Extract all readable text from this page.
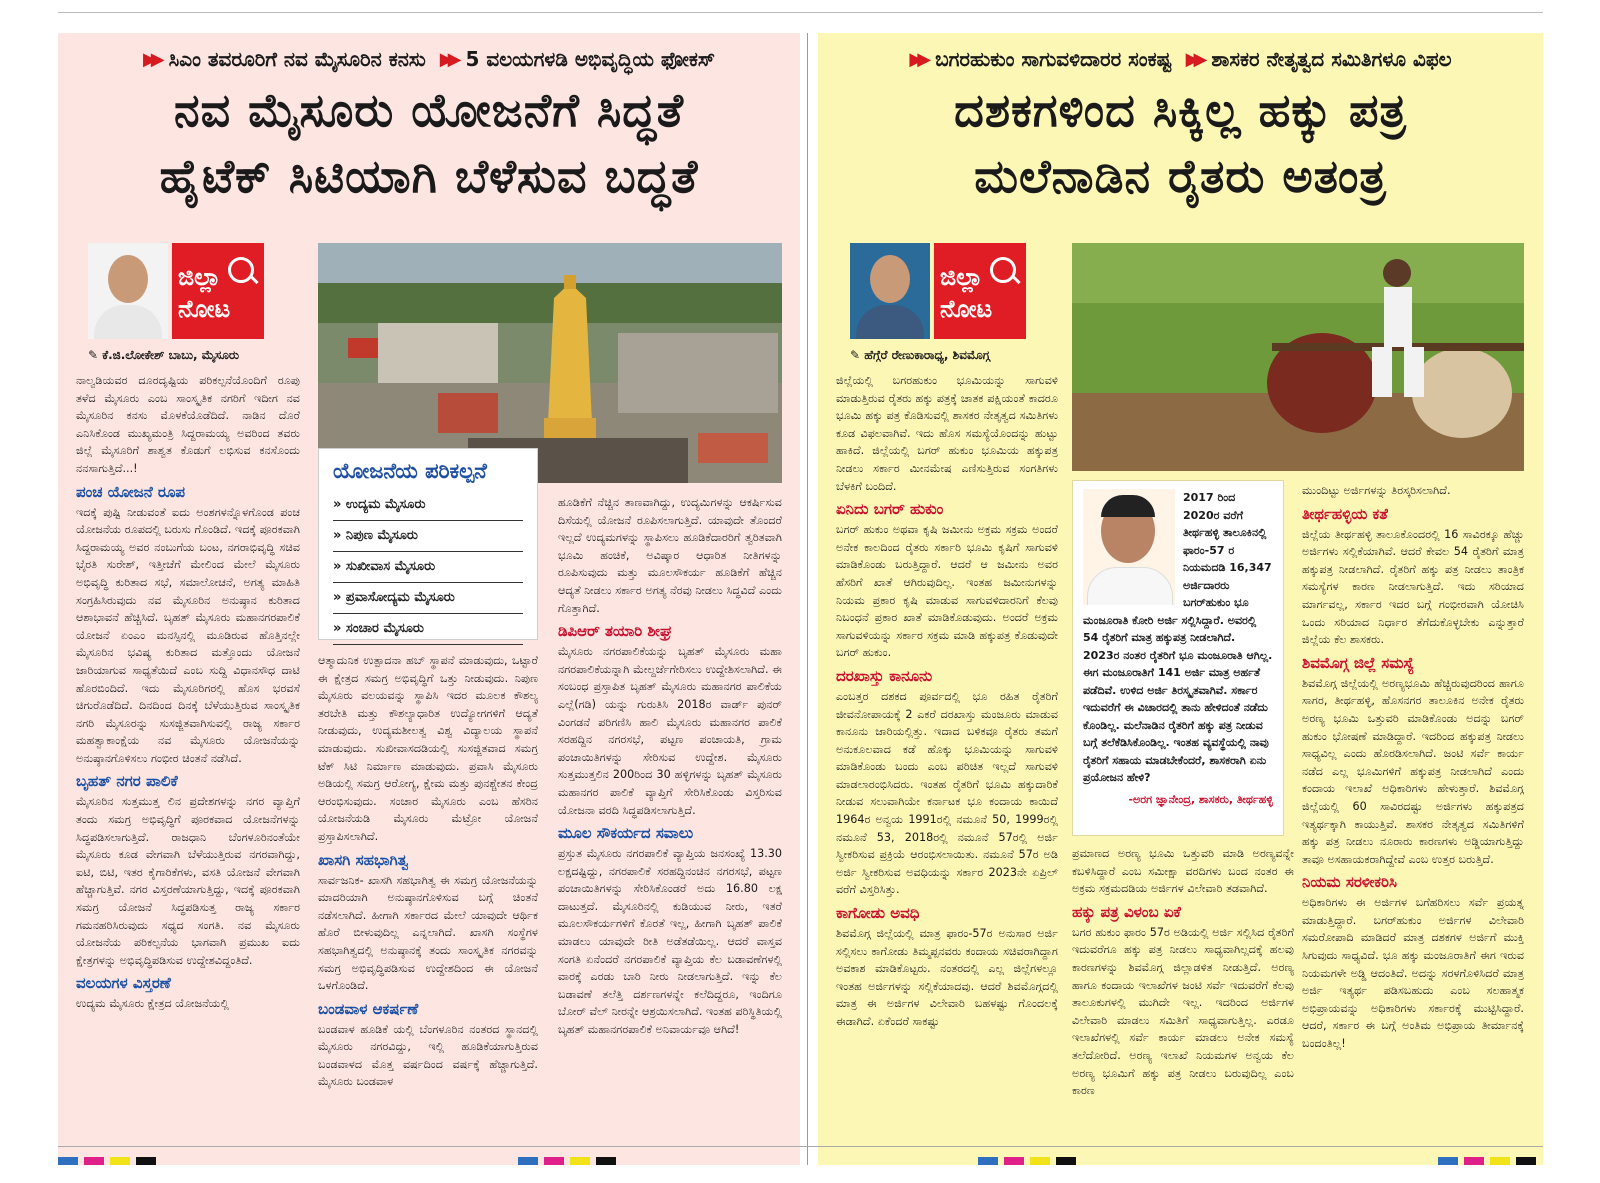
▶▶ ಸಿಎಂ ತವರೂರಿಗೆ ನವ ಮೈಸೂರಿನ ಕನಸು ▶▶ 5 ವಲಯಗಳಡಿ ಅಭಿವೃದ್ಧಿಯ ಫೋಕಸ್
ನವ ಮೈಸೂರು ಯೋಜನೆಗೆ ಸಿದ್ಧತೆ
ಹೈಟೆಕ್ ಸಿಟಿಯಾಗಿ ಬೆಳೆಸುವ ಬದ್ಧತೆ
ಜಿಲ್ಲಾ
ನೋಟ
✎ ಕೆ.ಜಿ.ಲೋಕೇಶ್ ಬಾಬು, ಮೈಸೂರು
ಯೋಜನೆಯ ಪರಿಕಲ್ಪನೆ
» ಉದ್ಯಮ ಮೈಸೂರು
» ನಿಪುಣ ಮೈಸೂರು
» ಸುಖೀವಾಸ ಮೈಸೂರು
» ಪ್ರವಾಸೋದ್ಯಮ ಮೈಸೂರು
» ಸಂಚಾರ ಮೈಸೂರು

ನಾಲ್ವಡಿಯವರ ದೂರದೃಷ್ಟಿಯ ಪರಿಕಲ್ಪನೆಯೊಂದಿಗೆ ರೂಪು ತಳೆದ ಮೈಸೂರು ಎಂಬ ಸಾಂಸ್ಕೃತಿಕ ನಗರಿಗೆ ಇದೀಗ ನವ ಮೈಸೂರಿನ ಕನಸು ಮೊಳಕೆಯೊಡೆದಿದೆ. ನಾಡಿನ ದೊರೆ ಎನಿಸಿಕೊಂಡ ಮುಖ್ಯಮಂತ್ರಿ ಸಿದ್ದರಾಮಯ್ಯ ಅವರಿಂದ ತವರು ಜಿಲ್ಲೆ ಮೈಸೂರಿಗೆ ಶಾಶ್ವತ ಕೊಡುಗೆ ಲಭಿಸುವ ಕನಸೊಂದು ನನಸಾಗುತ್ತಿದೆ...!

ಪಂಚ ಯೋಜನೆ ರೂಪ

ಇದಕ್ಕೆ ಪುಷ್ಟಿ ನೀಡುವಂತೆ ಐದು ಅಂಶಗಳನ್ನೊಳಗೊಂಡ ಪಂಚ ಯೋಜನೆಯ ರೂಪದಲ್ಲಿ ಬರುಸು ಗೊಂಡಿದೆ. ಇದಕ್ಕೆ ಪೂರಕವಾಗಿ ಸಿದ್ದರಾಮಯ್ಯ ಅವರ ನಂಬುಗೆಯ ಬಂಟ, ನಗರಾಭಿವೃದ್ಧಿ ಸಚಿವ ಭೈರತಿ ಸುರೇಶ್, ಇತ್ತೀಚೆಗೆ ಮೇಲಿಂದ ಮೇಲೆ ಮೈಸೂರು ಅಭಿವೃದ್ಧಿ ಕುರಿತಾದ ಸಭೆ, ಸಮಾಲೋಚನೆ, ಅಗತ್ಯ ಮಾಹಿತಿ ಸಂಗ್ರಹಿಸಿರುವುದು ನವ ಮೈಸೂರಿನ ಅನುಷ್ಠಾನ ಕುರಿತಾದ ಆಶಾಭಾವನೆ ಹೆಚ್ಚಿಸಿದೆ. ಬೃಹತ್ ಮೈಸೂರು ಮಹಾನಗರಪಾಲಿಕೆ ಯೋಜನೆ ಏಂಎಂ ಮನಸ್ಸಿನಲ್ಲಿ ಮೂಡಿರುವ ಹೊತ್ತಿನಲ್ಲೇ ಮೈಸೂರಿನ ಭವಿಷ್ಯ ಕುರಿತಾದ ಮತ್ತೊಂದು ಯೋಜನೆ ಜಾರಿಯಾಗುವ ಸಾಧ್ಯತೆಯಿದೆ ಎಂಬ ಸುದ್ದಿ ವಿಧಾನಸೌಧ ದಾಟಿ ಹೊರಬಿಂದಿದೆ. ಇದು ಮೈಸೂರಿಗರಲ್ಲಿ ಹೊಸ ಭರವಸೆ ಚಿಗುರೊಡೆದಿದೆ. ದಿನದಿಂದ ದಿನಕ್ಕೆ ಬೆಳೆಯುತ್ತಿರುವ ಸಾಂಸ್ಕೃತಿಕ ನಗರಿ ಮೈಸೂರನ್ನು ಸುಸಜ್ಜಿತವಾಗಿಸುವಲ್ಲಿ ರಾಜ್ಯ ಸರ್ಕಾರ ಮಹತ್ವಾಕಾಂಕ್ಷೆಯ ನವ ಮೈಸೂರು ಯೋಜನೆಯನ್ನು ಅನುಷ್ಠಾನಗೊಳಿಸಲು ಗಂಭೀರ ಚಿಂತನೆ ನಡೆಸಿದೆ.

ಬೃಹತ್ ನಗರ ಪಾಲಿಕೆ

ಮೈಸೂರಿನ ಸುತ್ತಮುತ್ತ ಲಿನ ಪ್ರದೇಶಗಳನ್ನು ನಗರ ವ್ಯಾಪ್ತಿಗೆ ತಂದು ಸಮಗ್ರ ಅಭಿವೃದ್ಧಿಗೆ ಪೂರಕವಾದ ಯೋಜನೆಗಳನ್ನು ಸಿದ್ಧಪಡಿಸಲಾಗುತ್ತಿದೆ. ರಾಜಧಾನಿ ಬೆಂಗಳೂರಿನಂತೆಯೇ ಮೈಸೂರು ಕೂಡ ವೇಗವಾಗಿ ಬೆಳೆಯುತ್ತಿರುವ ನಗರವಾಗಿದ್ದು, ಐಟಿ, ಬಿಟಿ, ಇತರ ಕೈಗಾರಿಕೆಗಳು, ವಸತಿ ಯೋಜನೆ ವೇಗವಾಗಿ ಹೆಚ್ಚಾಗುತ್ತಿವೆ. ನಗರ ವಿಸ್ತರಣೆಯಾಗುತ್ತಿದ್ದು, ಇದಕ್ಕೆ ಪೂರಕವಾಗಿ ಸಮಗ್ರ ಯೋಜನೆ ಸಿದ್ಧಪಡಿಸುತ್ತ ರಾಜ್ಯ ಸರ್ಕಾರ ಗಮನಹರಿಸಿರುವುದು ಸಧ್ಯದ ಸಂಗತಿ. ನವ ಮೈಸೂರು ಯೋಜನೆಯ ಪರಿಕಲ್ಪನೆಯ ಭಾಗವಾಗಿ ಪ್ರಮುಖ ಐದು ಕ್ಷೇತ್ರಗಳನ್ನು ಅಭಿವೃದ್ಧಿಪಡಿಸುವ ಉದ್ದೇಶವಿದ್ದಂತಿದೆ.

ವಲಯಗಳ ವಿಸ್ತರಣೆ

ಉದ್ಯಮ ಮೈಸೂರು ಕ್ಷೇತ್ರದ ಯೋಜನೆಯಲ್ಲಿ

ಆತ್ಮಾದುನಿಕ ಉತ್ಪಾದನಾ ಹಬ್ ಸ್ಥಾಪನೆ ಮಾಡುವುದು, ಒಟ್ಟಾರೆ ಈ ಕ್ಷೇತ್ರದ ಸಮಗ್ರ ಅಭಿವೃದ್ಧಿಗೆ ಒತ್ತು ನೀಡುವುದು. ನಿಪುಣ ಮೈಸೂರು ವಲಯವನ್ನು ಸ್ಥಾಪಿಸಿ ಇದರ ಮೂಲಕ ಕೌಶಲ್ಯ ತರಬೇತಿ ಮತ್ತು ಕೌಶಲ್ಯಾಧಾರಿತ ಉದ್ಯೋಗಗಳಿಗೆ ಆದ್ಯತೆ ನೀಡುವುದು, ಉದ್ಯಮಶೀಲತ್ವ ವಿಶ್ವ ವಿದ್ಯಾಲಯ ಸ್ಥಾಪನೆ ಮಾಡುವುದು. ಸುಖೀವಾಸದಡಿಯಲ್ಲಿ ಸುಸಜ್ಜಿತವಾದ ಸಮಗ್ರ ಟೆಕ್ ಸಿಟಿ ನಿರ್ಮಾಣ ಮಾಡುವುದು. ಪ್ರವಾಸಿ ಮೈಸೂರು ಅಡಿಯಲ್ಲಿ ಸಮಗ್ರ ಆರೋಗ್ಯ, ಕ್ಷೇಮ ಮತ್ತು ಪುನಶ್ಚೇತನ ಕೇಂದ್ರ ಆರಂಭಿಸುವುದು. ಸಂಚಾರ ಮೈಸೂರು ಎಂಬ ಹೆಸರಿನ ಯೋಜನೆಯಡಿ ಮೈಸೂರು ಮೆಟ್ರೋ ಯೋಜನೆ ಪ್ರಸ್ತಾಪಿಸಲಾಗಿದೆ.

ಖಾಸಗಿ ಸಹಭಾಗಿತ್ವ

ಸಾರ್ವಜನಿಕ- ಖಾಸಗಿ ಸಹಭಾಗಿತ್ವ ಈ ಸಮಗ್ರ ಯೋಜನೆಯನ್ನು ಮಾದರಿಯಾಗಿ ಅನುಷ್ಠಾನಗೊಳಿಸುವ ಬಗ್ಗೆ ಚಿಂತನೆ ನಡೆಸಲಾಗಿದೆ. ಹೀಗಾಗಿ ಸರ್ಕಾರದ ಮೇಲೆ ಯಾವುದೇ ಆರ್ಥಿಕ ಹೊರೆ ಬೀಳುವುದಿಲ್ಲ ಎನ್ನಲಾಗಿದೆ. ಖಾಸಗಿ ಸಂಸ್ಥೆಗಳ ಸಹಭಾಗಿತ್ವದಲ್ಲಿ ಅನುಷ್ಠಾನಕ್ಕೆ ತಂದು ಸಾಂಸ್ಕೃತಿಕ ನಗರವನ್ನು ಸಮಗ್ರ ಅಭಿವೃದ್ಧಿಪಡಿಸುವ ಉದ್ದೇಶದಿಂದ ಈ ಯೋಜನೆ ಒಳಗೊಂಡಿದೆ.

ಬಂಡವಾಳ ಆಕರ್ಷಣೆ

ಬಂಡವಾಳ ಹೂಡಿಕೆ ಯಲ್ಲಿ ಬೆಂಗಳೂರಿನ ನಂತರದ ಸ್ಥಾನದಲ್ಲಿ ಮೈಸೂರು ನಗರವಿದ್ದು, ಇಲ್ಲಿ ಹೂಡಿಕೆಯಾಗುತ್ತಿರುವ ಬಂಡವಾಳದ ಮೊತ್ತ ವರ್ಷದಿಂದ ವರ್ಷಕ್ಕೆ ಹೆಚ್ಚಾಗುತ್ತಿದೆ. ಮೈಸೂರು ಬಂಡವಾಳ

ಹೂಡಿಕೆಗೆ ನೆಚ್ಚಿನ ತಾಣವಾಗಿದ್ದು, ಉದ್ಯಮಿಗಳನ್ನು ಆಕರ್ಷಿಸುವ ದಿಸೆಯಲ್ಲಿ ಯೋಜನೆ ರೂಪಿಸಲಾಗುತ್ತಿದೆ. ಯಾವುದೇ ತೊಂದರೆ ಇಲ್ಲದೆ ಉದ್ಯಮಗಳನ್ನು ಸ್ಥಾಪಿಸಲು ಹೂಡಿಕೆದಾರರಿಗೆ ತ್ವರಿತವಾಗಿ ಭೂಮಿ ಹಂಚಿಕೆ, ಅವಿಷ್ಕಾರ ಆಧಾರಿತ ನೀತಿಗಳನ್ನು ರೂಪಿಸುವುದು ಮತ್ತು ಮೂಲಸೌಕರ್ಯ ಹೂಡಿಕೆಗೆ ಹೆಚ್ಚಿನ ಆದ್ಯತೆ ನೀಡಲು ಸರ್ಕಾರ ಅಗತ್ಯ ನೆರವು ನೀಡಲು ಸಿದ್ಧವಿದೆ ಎಂದು ಗೊತ್ತಾಗಿದೆ.

ಡಿಪಿಆರ್ ತಯಾರಿ ಶೀಘ್ರ

ಮೈಸೂರು ನಗರಪಾಲಿಕೆಯನ್ನು ಬೃಹತ್ ಮೈಸೂರು ಮಹಾ ನಗರಪಾಲಿಕೆಯನ್ನಾಗಿ ಮೇಲ್ದರ್ಜೆಗೇರಿಸಲು ಉದ್ದೇಶಿಸಲಾಗಿದೆ. ಈ ಸಂಬಂಧ ಪ್ರಸ್ತಾಪಿತ ಬೃಹತ್ ಮೈಸೂರು ಮಹಾನಗರ ಪಾಲಿಕೆಯ ಎಲ್ಲೆ(ಗಡಿ) ಯನ್ನು ಗುರುತಿಸಿ 2018ರ ವಾರ್ಡ್ ಪುನರ್ ವಿಂಗಡನೆ ಪರಿಗಣಿಸಿ ಹಾಲಿ ಮೈಸೂರು ಮಹಾನಗರ ಪಾಲಿಕೆ ಸರಹದ್ದಿನ ನಗರಸಭೆ, ಪಟ್ಟಣ ಪಂಚಾಯತಿ, ಗ್ರಾಮ ಪಂಚಾಯಿತಿಗಳನ್ನು ಸೇರಿಸುವ ಉದ್ದೇಶ. ಮೈಸೂರು ಸುತ್ತಮುತ್ತಲಿನ 200ರಿಂದ 30 ಹಳ್ಳಿಗಳನ್ನು ಬೃಹತ್ ಮೈಸೂರು ಮಹಾನಗರ ಪಾಲಿಕೆ ವ್ಯಾಪ್ತಿಗೆ ಸೇರಿಸಿಕೊಂಡು ವಿಸ್ತರಿಸುವ ಯೋಜನಾ ವರದಿ ಸಿದ್ಧಪಡಿಸಲಾಗುತ್ತಿದೆ.

ಮೂಲ ಸೌಕರ್ಯದ ಸವಾಲು

ಪ್ರಸ್ತುತ ಮೈಸೂರು ನಗರಪಾಲಿಕೆ ವ್ಯಾಪ್ತಿಯ ಜನಸಂಖ್ಯೆ 13.30 ಲಕ್ಷದಷ್ಟಿದ್ದು, ನಗರಪಾಲಿಕೆ ಸರಹದ್ದಿನಂಚಿನ ನಗರಸಭೆ, ಪಟ್ಟಣ ಪಂಚಾಯಿತಿಗಳನ್ನು ಸೇರಿಸಿಕೊಂಡರೆ ಅದು 16.80 ಲಕ್ಷ ದಾಟುತ್ತದೆ. ಮೈಸೂರಿನಲ್ಲಿ ಕುಡಿಯುವ ನೀರು, ಇತರೆ ಮೂಲಸೌಕರ್ಯಗಳಿಗೆ ಕೊರತೆ ಇಲ್ಲ, ಹೀಗಾಗಿ ಬೃಹತ್ ಪಾಲಿಕೆ ಮಾಡಲು ಯಾವುದೇ ರೀತಿ ಅಡೆತಡೆಯಿಲ್ಲ. ಆದರೆ ವಾಸ್ತವ ಸಂಗತಿ ಏನೆಂದರೆ ನಗರಪಾಲಿಕೆ ವ್ಯಾಪ್ತಿಯ ಕೆಲ ಬಡಾವಣೆಗಳಲ್ಲಿ ವಾರಕ್ಕೆ ಎರಡು ಬಾರಿ ನೀರು ನೀಡಲಾಗುತ್ತಿದೆ. ಇನ್ನು ಕೆಲ ಬಡಾವಣೆ ತಲೆತ್ತಿ ದರ್ಶಣಗಳನ್ನೇ ಕಲೆದಿದ್ದರೂ, ಇಂದಿಗೂ ಬೋರ್ ವೆಲ್ ನೀರನ್ನೇ ಆಶ್ರಯಿಸಲಾಗಿದೆ. ಇಂತಹ ಪರಿಸ್ಥಿತಿಯಲ್ಲಿ ಬೃಹತ್ ಮಹಾನಗರಪಾಲಿಕೆ ಅನಿವಾರ್ಯವೂ ಆಗಿದೆ!

▶▶ ಬಗರಹುಕುಂ ಸಾಗುವಳಿದಾರರ ಸಂಕಷ್ಟ ▶▶ ಶಾಸಕರ ನೇತೃತ್ವದ ಸಮಿತಿಗಳೂ ವಿಫಲ
ದಶಕಗಳಿಂದ ಸಿಕ್ಕಿಲ್ಲ ಹಕ್ಕು ಪತ್ರ
ಮಲೆನಾಡಿನ ರೈತರು ಅತಂತ್ರ
ಜಿಲ್ಲಾ
ನೋಟ
✎ ಹೆಗ್ಗೆರೆ ರೇಣುಕಾರಾಧ್ಯ, ಶಿವಮೊಗ್ಗ
2017 ರಿಂದ 2020ರ ವರೆಗೆ ತೀರ್ಥಹಳ್ಳಿ ತಾಲೂಕಿನಲ್ಲಿ ಫಾರಂ-57 ರ ನಿಯಮದಡಿ 16,347 ಅರ್ಜಿದಾರರು ಬಗರ್‌ಹುಕುಂ ಭೂ ಮಂಜೂರಾತಿ ಕೋರಿ ಅರ್ಜಿ ಸಲ್ಲಿಸಿದ್ದಾರೆ. ಅವರಲ್ಲಿ 54 ರೈತರಿಗೆ ಮಾತ್ರ ಹಕ್ಕುಪತ್ರ ನೀಡಲಾಗಿದೆ. 2023ರ ನಂತರ ರೈತರಿಗೆ ಭೂ ಮಂಜೂರಾತಿ ಆಗಿಲ್ಲ. ಈಗ ಮಂಜೂರಾತಿಗೆ 141 ಅರ್ಜಿ ಮಾತ್ರ ಅರ್ಹತೆ ಪಡೆದಿವೆ. ಉಳಿದ ಅರ್ಜಿ ತಿರಸ್ಕೃತವಾಗಿವೆ. ಸರ್ಕಾರ ಇದುವರೆಗೆ ಈ ವಿಚಾರದಲ್ಲಿ ತಾನು ಹೇಳಿದಂತೆ ನಡೆದು ಕೊಂಡಿಲ್ಲ. ಮಲೆನಾಡಿನ ರೈತರಿಗೆ ಹಕ್ಕು ಪತ್ರ ನೀಡುವ ಬಗ್ಗೆ ತಲೆಕೆಡಿಸಿಕೊಂಡಿಲ್ಲ. ಇಂತಹ ವ್ಯವಸ್ಥೆಯಲ್ಲಿ ನಾವು ರೈತರಿಗೆ ಸಹಾಯ ಮಾಡಬೇಕೆಂದರೆ, ಶಾಸಕರಾಗಿ ಏನು ಪ್ರಯೋಜನ ಹೇಳಿ?
-ಅರಗ ಜ್ಞಾನೇಂದ್ರ, ಶಾಸಕರು, ತೀರ್ಥಹಳ್ಳಿ

ಜಿಲ್ಲೆಯಲ್ಲಿ ಬಗರಹುಕುಂ ಭೂಮಿಯನ್ನು ಸಾಗುವಳಿ ಮಾಡುತ್ತಿರುವ ರೈತರು ಹಕ್ಕು ಪತ್ರಕ್ಕೆ ಚಾತಕ ಪಕ್ಷಿಯಂತೆ ಕಾದರೂ ಭೂಮಿ ಹಕ್ಕು ಪತ್ರ ಕೊಡಿಸುವಲ್ಲಿ ಶಾಸಕರ ನೇತೃತ್ವದ ಸಮಿತಿಗಳು ಕೂಡ ವಿಫಲವಾಗಿವೆ. ಇದು ಹೊಸ ಸಮಸ್ಯೆಯೊಂದನ್ನು ಹುಟ್ಟು ಹಾಕಿದೆ. ಜಿಲ್ಲೆಯಲ್ಲಿ ಬಗರ್ ಹುಕುಂ ಭೂಮಿಯ ಹಕ್ಕುಪತ್ರ ನೀಡಲು ಸರ್ಕಾರ ಮೀನಮೇಷ ಎಣಿಸುತ್ತಿರುವ ಸಂಗತಿಗಳು ಬೆಳಕಿಗೆ ಬಂದಿದೆ.

ಏನಿದು ಬಗರ್ ಹುಕುಂ

ಬಗರ್ ಹುಕುಂ ಅಥವಾ ಕೃಷಿ ಜಮೀನು ಅಕ್ರಮ ಸಕ್ರಮ ಅಂದರೆ ಅನೇಕ ಕಾಲದಿಂದ ರೈತರು ಸರ್ಕಾರಿ ಭೂಮಿ ಕೃಷಿಗೆ ಸಾಗುವಳಿ ಮಾಡಿಕೊಂಡು ಬರುತ್ತಿದ್ದಾರೆ. ಆದರೆ ಆ ಜಮೀನು ಅವರ ಹೆಸರಿಗೆ ಖಾತೆ ಆಗಿರುವುದಿಲ್ಲ. ಇಂತಹ ಜಮೀನುಗಳನ್ನು ನಿಯಮ ಪ್ರಕಾರ ಕೃಷಿ ಮಾಡುವ ಸಾಗುವಳಿದಾರನಿಗೆ ಕೆಲವು ನಿಬಂಧನೆ ಪ್ರಕಾರ ಖಾತೆ ಮಾಡಿಕೊಡುವುದು. ಅಂದರೆ ಅಕ್ರಮ ಸಾಗುವಳಿಯನ್ನು ಸರ್ಕಾರ ಸಕ್ರಮ ಮಾಡಿ ಹಕ್ಕುಪತ್ರ ಕೊಡುವುದೇ ಬಗರ್ ಹುಕುಂ.

ದರಖಾಸ್ತು ಕಾನೂನು

ಎಂಬತ್ತರ ದಶಕದ ಪೂರ್ವದಲ್ಲಿ ಭೂ ರಹಿತ ರೈತರಿಗೆ ಜೀವನೋಪಾಯಕ್ಕೆ 2 ಎಕರೆ ದರಖಾಸ್ತು ಮಂಜೂರು ಮಾಡುವ ಕಾನೂನು ಜಾರಿಯಲ್ಲಿತ್ತು. ಇದಾದ ಬಳಿಕವೂ ರೈತರು ತಮಗೆ ಅನುಕೂಲವಾದ ಕಡೆ ಹೊಕ್ಕು ಭೂಮಿಯನ್ನು ಸಾಗುವಳಿ ಮಾಡಿಕೊಂಡು ಬಂದು ಎಂಬ ಪರಿಚಿತ ಇಲ್ಲದೆ ಸಾಗುವಳಿ ಮಾಡಲಾರಂಭಿಸಿದರು. ಇಂತಹ ರೈತರಿಗೆ ಭೂಮಿ ಹಕ್ಕುದಾರಿಕೆ ನೀಡುವ ಸಲುವಾಗಿಯೇ ಕರ್ನಾಟಕ ಭೂ ಕಂದಾಯ ಕಾಯಿದೆ 1964ರ ಅನ್ವಯ 1991ರಲ್ಲಿ ನಮೂನೆ 50, 1999ರಲ್ಲಿ ನಮೂನೆ 53, 2018ರಲ್ಲಿ ನಮೂನೆ 57ರಲ್ಲಿ ಅರ್ಜಿ ಸ್ವೀಕರಿಸುವ ಪ್ರಕ್ರಿಯೆ ಆರಂಭಿಸಲಾಯಿತು. ನಮೂನೆ 57ರ ಅಡಿ ಅರ್ಜಿ ಸ್ವೀಕರಿಸುವ ಅವಧಿಯನ್ನು ಸರ್ಕಾರ 2023ನೇ ಏಪ್ರಿಲ್ ವರೆಗೆ ವಿಸ್ತರಿಸಿತ್ತು.

ಕಾಗೋಡು ಅವಧಿ

ಶಿವಮೊಗ್ಗ ಜಿಲ್ಲೆಯಲ್ಲಿ ಮಾತ್ರ ಫಾರಂ-57ರ ಅನುಸಾರ ಅರ್ಜಿ ಸಲ್ಲಿಸಲು ಕಾಗೋಡು ತಿಮ್ಮಪ್ಪನವರು ಕಂದಾಯ ಸಚಿವರಾಗಿದ್ದಾಗ ಅವಕಾಶ ಮಾಡಿಕೊಟ್ಟರು. ನಂತರದಲ್ಲಿ ಎಲ್ಲ ಜಿಲ್ಲೆಗಳಲ್ಲೂ ಇಂತಹ ಅರ್ಜಿಗಳನ್ನು ಸಲ್ಲಿಕೆಯಾದವು. ಆದರೆ ಶಿವಮೊಗ್ಗದಲ್ಲಿ ಮಾತ್ರ ಈ ಅರ್ಜಿಗಳ ವಿಲೇವಾರಿ ಬಹಳಷ್ಟು ಗೊಂದಲಕ್ಕೆ ಈಡಾಗಿದೆ. ಏಕೆಂದರೆ ಸಾಕಷ್ಟು

ಪ್ರಮಾಣದ ಅರಣ್ಯ ಭೂಮಿ ಒತ್ತುವರಿ ಮಾಡಿ ಅರಣ್ಯವನ್ನೇ ಕಬಳಿಸಿದ್ದಾರೆ ಎಂಬ ಸಮೀಕ್ಷಾ ವರದಿಗಳು ಬಂದ ನಂತರ ಈ ಅಕ್ರಮ ಸಕ್ರಮದಡಿಯ ಅರ್ಜಿಗಳ ವಿಲೇವಾರಿ ತಡವಾಗಿದೆ.

ಹಕ್ಕು ಪತ್ರ ವಿಳಂಬ ಏಕೆ

ಬಗರ ಹುಕುಂ ಫಾರಂ 57ರ ಅಡಿಯಲ್ಲಿ ಅರ್ಜಿ ಸಲ್ಲಿಸಿದ ರೈತರಿಗೆ ಇದುವರೆಗೂ ಹಕ್ಕು ಪತ್ರ ನೀಡಲು ಸಾಧ್ಯವಾಗಿಲ್ಲದಕ್ಕೆ ಹಲವು ಕಾರಣಗಳನ್ನು ಶಿವಮೊಗ್ಗ ಜಿಲ್ಲಾಡಳಿತ ನೀಡುತ್ತಿದೆ. ಅರಣ್ಯ ಹಾಗೂ ಕಂದಾಯ ಇಲಾಖೆಗಳ ಜಂಟಿ ಸರ್ವೆ ಇದುವರೆಗೆ ಕೆಲವು ತಾಲೂಕುಗಳಲ್ಲಿ ಮುಗಿದೇ ಇಲ್ಲ. ಇದರಿಂದ ಅರ್ಜಿಗಳ ವಿಲೇವಾರಿ ಮಾಡಲು ಸಮಿತಿಗೆ ಸಾಧ್ಯವಾಗುತ್ತಿಲ್ಲ. ಎರಡೂ ಇಲಾಖೆಗಳಲ್ಲಿ ಸರ್ವೆ ಕಾರ್ಯ ಮಾಡಲು ಅನೇಕ ಸಮಸ್ಯೆ ತಲೆದೋರಿದೆ. ಅರಣ್ಯ ಇಲಾಖೆ ನಿಯಮಗಳ ಅನ್ವಯ ಕೆಲ ಅರಣ್ಯ ಭೂಮಿಗೆ ಹಕ್ಕು ಪತ್ರ ನೀಡಲು ಬರುವುದಿಲ್ಲ ಎಂಬ ಕಾರಣ

ಮುಂದಿಟ್ಟು ಅರ್ಜಿಗಳನ್ನು ತಿರಸ್ಕರಿಸಲಾಗಿದೆ.

ತೀರ್ಥಹಳ್ಳಿಯ ಕತೆ

ಜಿಲ್ಲೆಯ ತೀರ್ಥಹಳ್ಳಿ ತಾಲೂಕೊಂದರಲ್ಲಿ 16 ಸಾವಿರಕ್ಕೂ ಹೆಚ್ಚು ಅರ್ಜಿಗಳು ಸಲ್ಲಿಕೆಯಾಗಿವೆ. ಆದರೆ ಕೇವಲ 54 ರೈತರಿಗೆ ಮಾತ್ರ ಹಕ್ಕುಪತ್ರ ನೀಡಲಾಗಿದೆ. ರೈತರಿಗೆ ಹಕ್ಕು ಪತ್ರ ನೀಡಲು ತಾಂತ್ರಿಕ ಸಮಸ್ಯೆಗಳ ಕಾರಣ ನೀಡಲಾಗುತ್ತಿದೆ. ಇದು ಸರಿಯಾದ ಮಾರ್ಗವಲ್ಲ, ಸರ್ಕಾರ ಇದರ ಬಗ್ಗೆ ಗಂಭೀರವಾಗಿ ಯೋಚಿಸಿ ಒಂದು ಸರಿಯಾದ ನಿರ್ಧಾರ ತೆಗೆದುಕೊಳ್ಳಬೇಕು ಎನ್ನುತ್ತಾರೆ ಜಿಲ್ಲೆಯ ಕೆಲ ಶಾಸಕರು.

ಶಿವಮೊಗ್ಗ ಜಿಲ್ಲೆ ಸಮಸ್ಯೆ

ಶಿವಮೊಗ್ಗ ಜಿಲ್ಲೆಯಲ್ಲಿ ಅರಣ್ಯಭೂಮಿ ಹೆಚ್ಚಿರುವುದರಿಂದ ಹಾಗೂ ಸಾಗರ, ತೀರ್ಥಹಳ್ಳಿ, ಹೊಸನಗರ ತಾಲೂಕಿನ ಅನೇಕ ರೈತರು ಅರಣ್ಯ ಭೂಮಿ ಒತ್ತುವರಿ ಮಾಡಿಕೊಂಡು ಅದನ್ನು ಬಗರ್ ಹುಕುಂ ಭೋಷಣೆ ಮಾಡಿದ್ದಾರೆ. ಇದರಿಂದ ಹಕ್ಕುಪತ್ರ ನೀಡಲು ಸಾಧ್ಯವಿಲ್ಲ ಎಂದು ಹೊರಡಿಸಲಾಗಿದೆ. ಜಂಟಿ ಸರ್ವೆ ಕಾರ್ಯ ನಡೆದ ಎಲ್ಲ ಭೂಮಿಗಳಿಗೆ ಹಕ್ಕುಪತ್ರ ನೀಡಲಾಗಿದೆ ಎಂದು ಕಂದಾಯ ಇಲಾಖೆ ಅಧಿಕಾರಿಗಳು ಹೇಳುತ್ತಾರೆ. ಶಿವಮೊಗ್ಗ ಜಿಲ್ಲೆಯಲ್ಲಿ 60 ಸಾವಿರದಷ್ಟು ಅರ್ಜಿಗಳು ಹಕ್ಕುಪತ್ರದ ಇತ್ಯರ್ಥಕ್ಕಾಗಿ ಕಾಯುತ್ತಿವೆ. ಶಾಸಕರ ನೇತೃತ್ವದ ಸಮಿತಿಗಳಿಗೆ ಹಕ್ಕು ಪತ್ರ ನೀಡಲು ನೂರಾರು ಕಾರಣಗಳು ಅಡ್ಡಿಯಾಗುತ್ತಿದ್ದು ತಾವೂ ಅಸಹಾಯಕರಾಗಿದ್ದೇವೆ ಎಂಬ ಉತ್ತರ ಬರುತ್ತಿದೆ.

ನಿಯಮ ಸರಳೀಕರಿಸಿ

ಅಧಿಕಾರಿಗಳು ಈ ಅರ್ಜಿಗಳ ಬಗೆಹರಿಸಲು ಸರ್ವೆ ಪ್ರಯತ್ನ ಮಾಡುತ್ತಿದ್ದಾರೆ. ಬಗರ್‌ಹುಕುಂ ಅರ್ಜಿಗಳ ವಿಲೇವಾರಿ ಸಮರೋಪಾದಿ ಮಾಡಿದರೆ ಮಾತ್ರ ದಶಕಗಳ ಅರ್ಜಿಗೆ ಮುಕ್ತಿ ಸಿಗುವುದು ಸಾಧ್ಯವಿದೆ. ಭೂ ಹಕ್ಕು ಮಂಜೂರಾತಿಗೆ ಈಗ ಇರುವ ನಿಯಮಗಳೇ ಅಡ್ಡಿ ಆದಂತಿದೆ. ಅದನ್ನು ಸರಳಗೊಳಿಸಿದರೆ ಮಾತ್ರ ಅರ್ಜಿ ಇತ್ಯರ್ಥ ಪಡಿಸಬಹುದು ಎಂಬ ಸಲಹಾತ್ಮಕ ಅಭಿಪ್ರಾಯವನ್ನು ಅಧಿಕಾರಿಗಳು ಸರ್ಕಾರಕ್ಕೆ ಮುಟ್ಟಿಸಿದ್ದಾರೆ. ಆದರೆ, ಸರ್ಕಾರ ಈ ಬಗ್ಗೆ ಅಂತಿಮ ಅಭಿಪ್ರಾಯ ತೀರ್ಮಾನಕ್ಕೆ ಬಂದಂತಿಲ್ಲ!
